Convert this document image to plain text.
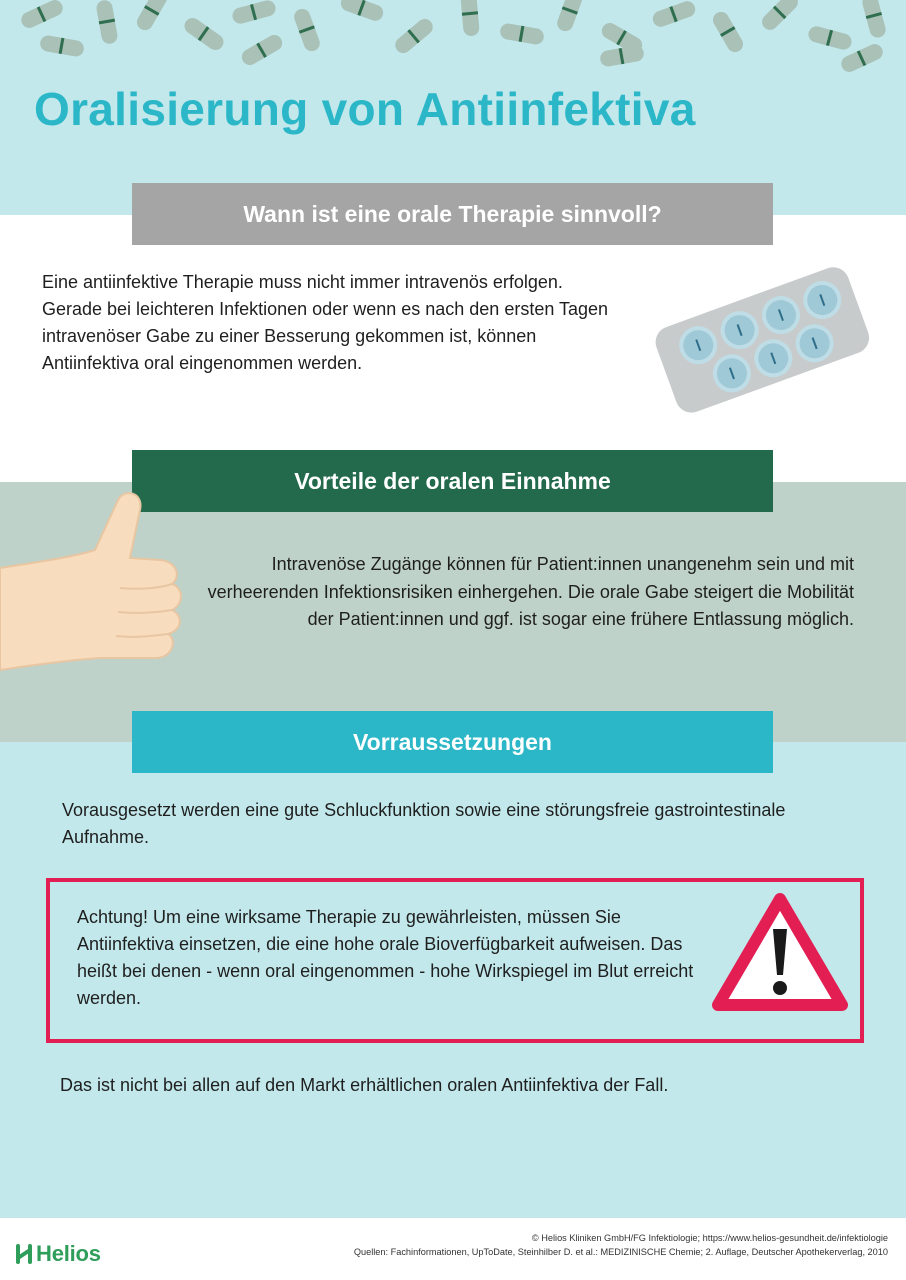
Oralisierung von Antiinfektiva
Wann ist eine orale Therapie sinnvoll?

Eine antiinfektive Therapie muss nicht immer intravenös erfolgen. Gerade bei leichteren Infektionen oder wenn es nach den ersten Tagen intravenöser Gabe zu einer Besserung gekommen ist, können Antiinfektiva oral eingenommen werden.

Vorteile der oralen Einnahme

Intravenöse Zugänge können für Patient:innen unangenehm sein und mit verheerenden Infektionsrisiken einhergehen. Die orale Gabe steigert die Mobilität der Patient:innen und ggf. ist sogar eine frühere Entlassung möglich.

Vorraussetzungen

Vorausgesetzt werden eine gute Schluckfunktion sowie eine störungsfreie gastrointestinale Aufnahme.

Achtung! Um eine wirksame Therapie zu gewährleisten, müssen Sie Antiinfektiva einsetzen, die eine hohe orale Bioverfügbarkeit aufweisen. Das heißt bei denen - wenn oral eingenommen - hohe Wirkspiegel im Blut erreicht werden.

Das ist nicht bei allen auf den Markt erhältlichen oralen Antiinfektiva der Fall.

Helios
© Helios Kliniken GmbH/FG Infektiologie; https://www.helios-gesundheit.de/infektiologie
Quellen: Fachinformationen, UpToDate, Steinhilber D. et al.: MEDIZINISCHE Chemie; 2. Auflage, Deutscher Apothekerverlag, 2010
